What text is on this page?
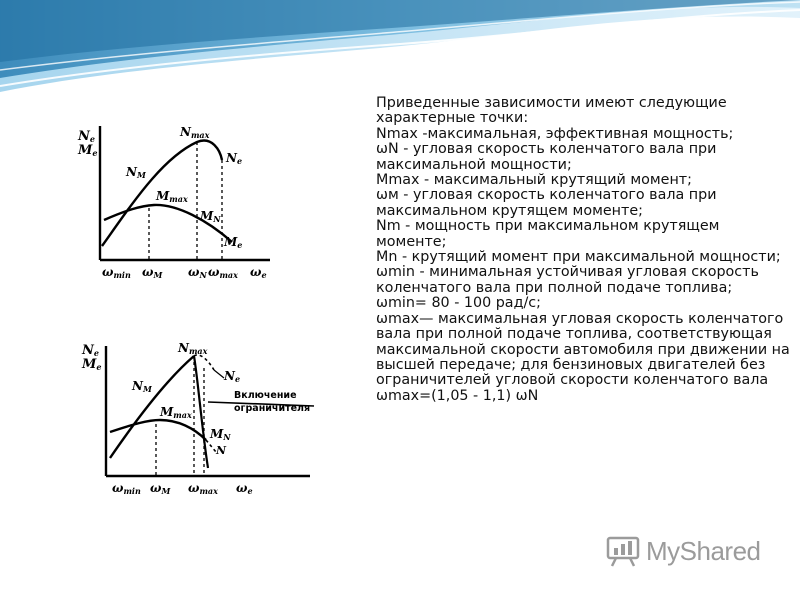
Ne
Me
Nmax
Ne
NM
Mmax
MN
Me
ωmin ωM ωN ωmax ωe
Ne
Me
Nmax
Ne
NM
Mmax
MN
N
Включение
ограничителя
ωmin ωM ωmax ωe
Приведенные зависимости имеют следующие характерные точки:
Nmax -максимальная, эффективная мощность;
ωN - угловая скорость коленчатого вала при максимальной мощности;
Mmax - максимальный крутящий момент;
ωм - угловая скорость коленчатого вала при максимальном крутящем моменте;
Nm - мощность при максимальном крутящем моменте;
Mn - крутящий момент при максимальной мощности;
ωmin - минимальная устойчивая угловая скорость коленчатого вала при полной подаче топлива;
ωmin= 80 - 100 рад/с;
ωmax— максимальная угловая скорость коленчатого вала при полной подаче топлива, соответствующая максимальной скорости автомобиля при движении на высшей передаче; для бензиновых двигателей без ограничителей угловой скорости коленчатого вала ωmax=(1,05 - 1,1) ωN
MyShared
